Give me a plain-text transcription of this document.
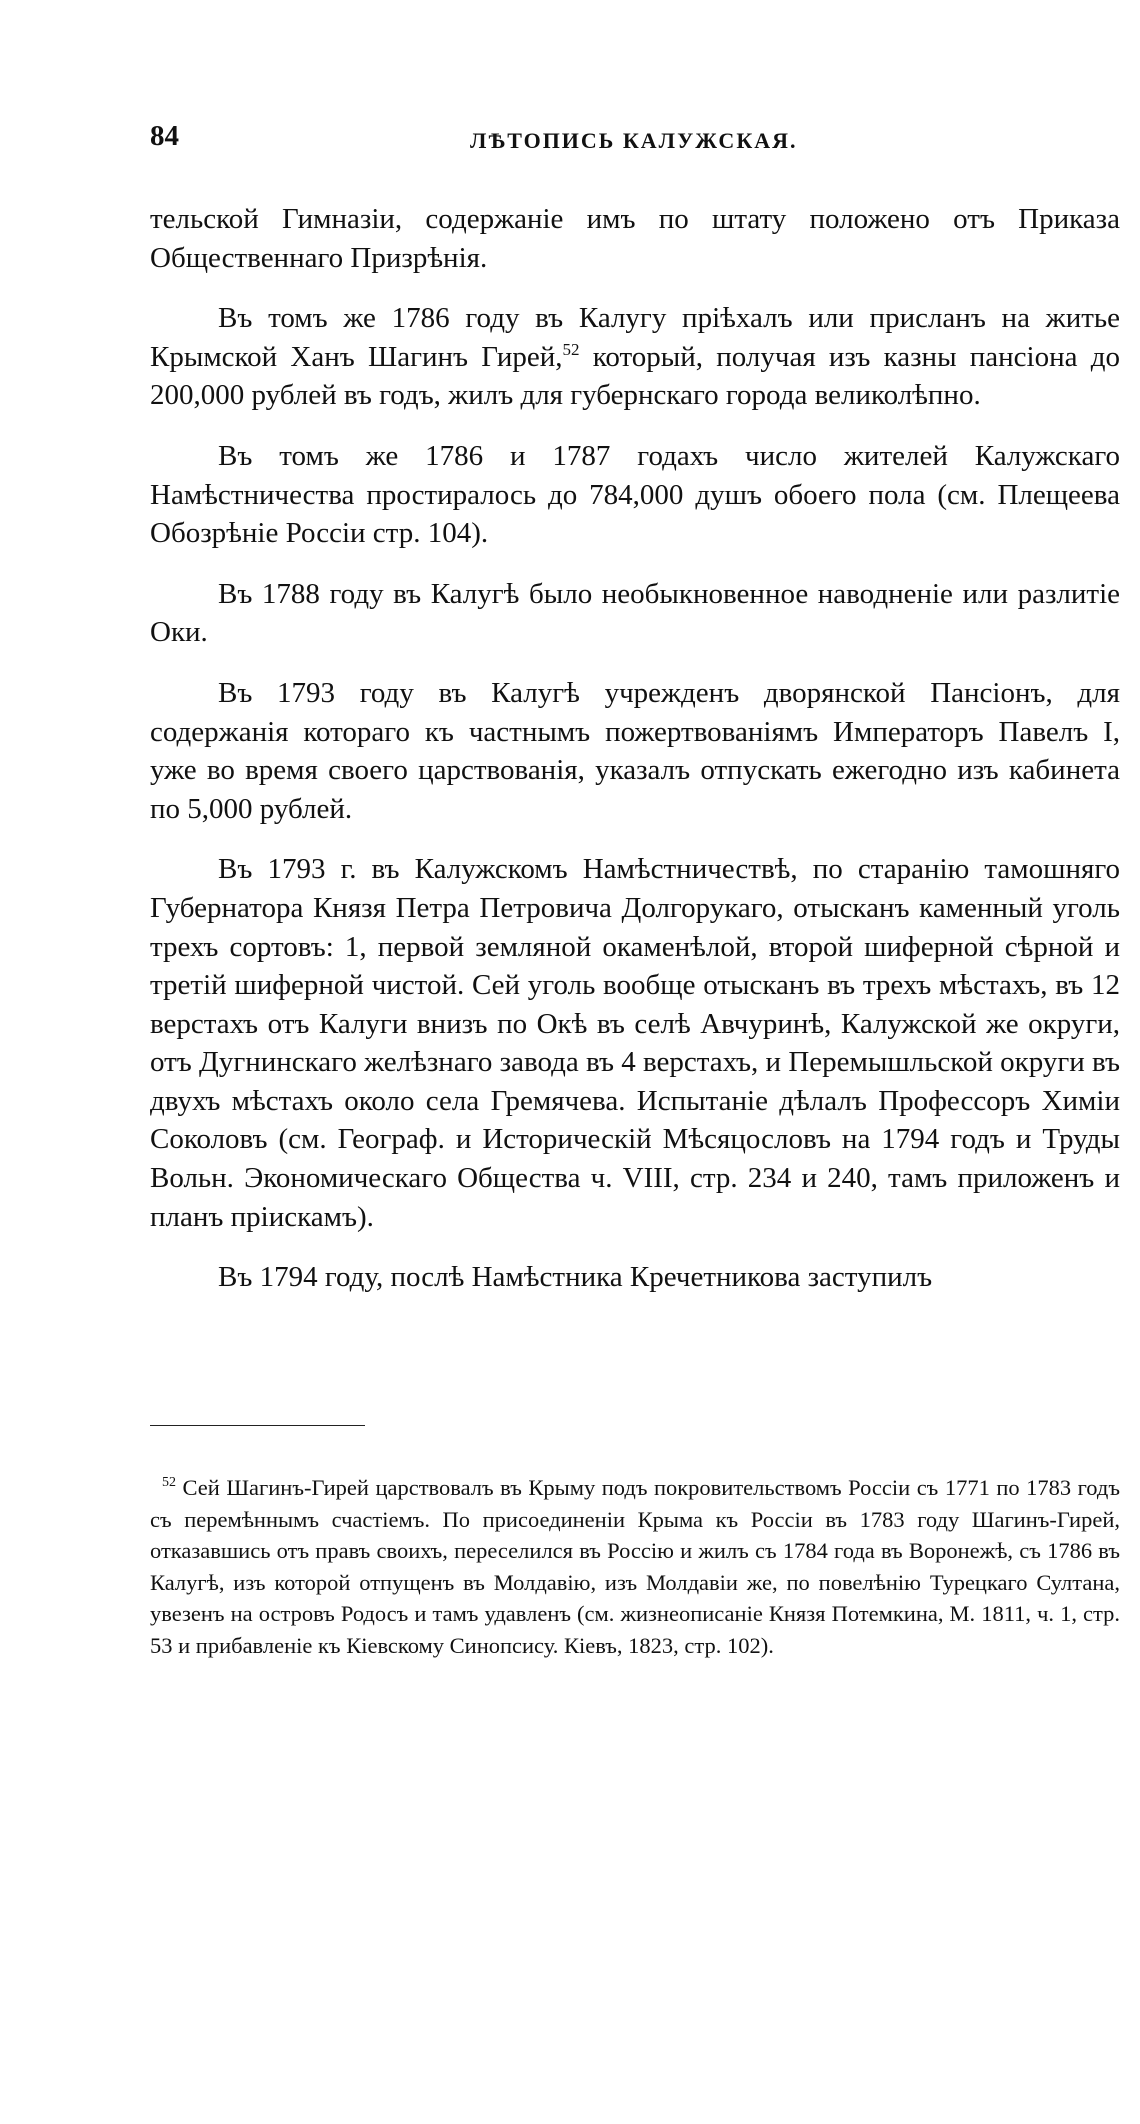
84	ЛѢТОПИСЬ КАЛУЖСКАЯ.

тельской Гимназіи, содержаніе имъ по штату положено отъ Приказа Общественнаго Призрѣнія.

Въ томъ же 1786 году въ Калугу пріѣхалъ или присланъ на житье Крымской Ханъ Шагинъ Гирей,$^{52}$ который, получая изъ казны пансіона до 200,000 рублей въ годъ, жилъ для губернскаго города великолѣпно.

Въ томъ же 1786 и 1787 годахъ число жителей Калужскаго Намѣстничества простиралось до 784,000 душъ обоего пола (см. Плещеева Обозрѣніе Россіи стр. 104).

Въ 1788 году въ Калугѣ было необыкновенное наводненіе или разлитіе Оки.

Въ 1793 году въ Калугѣ учрежденъ дворянской Пансіонъ, для содержанія котораго къ частнымъ пожертвованіямъ Императоръ Павелъ I, уже во время своего царствованія, указалъ отпускать ежегодно изъ кабинета по 5,000 рублей.

Въ 1793 г. въ Калужскомъ Намѣстничествѣ, по старанію тамошняго Губернатора Князя Петра Петровича Долгорукаго, отысканъ каменный уголь трехъ сортовъ: 1, первой земляной окаменѣлой, второй шиферной сѣрной и третій шиферной чистой. Сей уголь вообще отысканъ въ трехъ мѣстахъ, въ 12 верстахъ отъ Калуги внизъ по Окѣ въ селѣ Авчуринѣ, Калужской же округи, отъ Дугнинскаго желѣзнаго завода въ 4 верстахъ, и Перемышльской округи въ двухъ мѣстахъ около села Гремячева. Испытаніе дѣлалъ Профессоръ Химіи Соколовъ (см. Географ. и Историческій Мѣсяцословъ на 1794 годъ и Труды Вольн. Экономическаго Общества ч. VIII, стр. 234 и 240, тамъ приложенъ и планъ пріискамъ).

Въ 1794 году, послѣ Намѣстника Кречетникова заступилъ

$^{52}$ Сей Шагинъ-Гирей царствовалъ въ Крыму подъ покровительствомъ Россіи съ 1771 по 1783 годъ съ перемѣннымъ счастіемъ. По присоединеніи Крыма къ Россіи въ 1783 году Шагинъ-Гирей, отказавшись отъ правъ своихъ, переселился въ Россію и жилъ съ 1784 года въ Воронежѣ, съ 1786 въ Калугѣ, изъ которой отпущенъ въ Молдавію, изъ Молдавіи же, по повелѣнію Турецкаго Султана, увезенъ на островъ Родосъ и тамъ удавленъ (см. жизнеописаніе Князя Потемкина, М. 1811, ч. 1, стр. 53 и прибавленіе къ Кіевскому Синопсису. Кіевъ, 1823, стр. 102).
